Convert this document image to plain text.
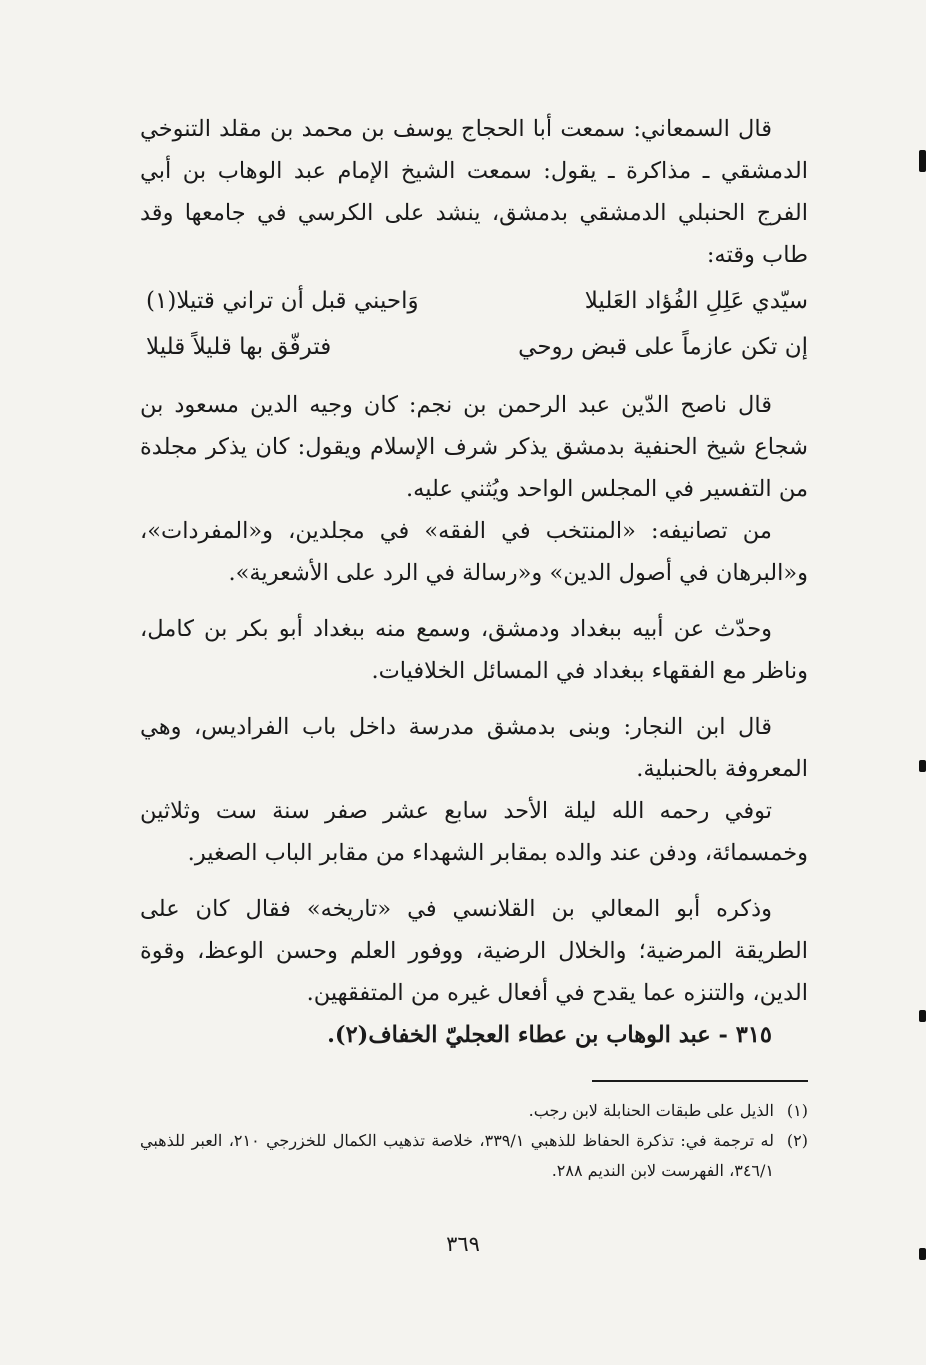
قال السمعاني: سمعت أبا الحجاج يوسف بن محمد بن مقلد التنوخي الدمشقي ـ مذاكرة ـ يقول: سمعت الشيخ الإمام عبد الوهاب بن أبي الفرج الحنبلي الدمشقي بدمشق، ينشد على الكرسي في جامعها وقد طاب وقته:

سيّدي عَلِلِ الفُؤاد العَليلا
وَاحيني قبل أن تراني قتيلا(١)
إن تكن عازماً على قبض روحي
فترفّق بها قليلاً قليلا

قال ناصح الدّين عبد الرحمن بن نجم: كان وجيه الدين مسعود بن شجاع شيخ الحنفية بدمشق يذكر شرف الإسلام ويقول: كان يذكر مجلدة من التفسير في المجلس الواحد ويُثني عليه.

من تصانيفه: «المنتخب في الفقه» في مجلدين، و«المفردات»، و«البرهان في أصول الدين» و«رسالة في الرد على الأشعرية».

وحدّث عن أبيه ببغداد ودمشق، وسمع منه ببغداد أبو بكر بن كامل، وناظر مع الفقهاء ببغداد في المسائل الخلافيات.

قال ابن النجار: وبنى بدمشق مدرسة داخل باب الفراديس، وهي المعروفة بالحنبلية.

توفي رحمه الله ليلة الأحد سابع عشر صفر سنة ست وثلاثين وخمسمائة، ودفن عند والده بمقابر الشهداء من مقابر الباب الصغير.

وذكره أبو المعالي بن القلانسي في «تاريخه» فقال كان على الطريقة المرضية؛ والخلال الرضية، ووفور العلم وحسن الوعظ، وقوة الدين، والتنزه عما يقدح في أفعال غيره من المتفقهين.

٣١٥ - عبد الوهاب بن عطاء العجليّ الخفاف(٢).

(١)
الذيل على طبقات الحنابلة لابن رجب.
(٢)
له ترجمة في: تذكرة الحفاظ للذهبي ٣٣٩/١، خلاصة تذهيب الكمال للخزرجي ٢١٠، العبر للذهبي ٣٤٦/١، الفهرست لابن النديم ٢٨٨.
٣٦٩
